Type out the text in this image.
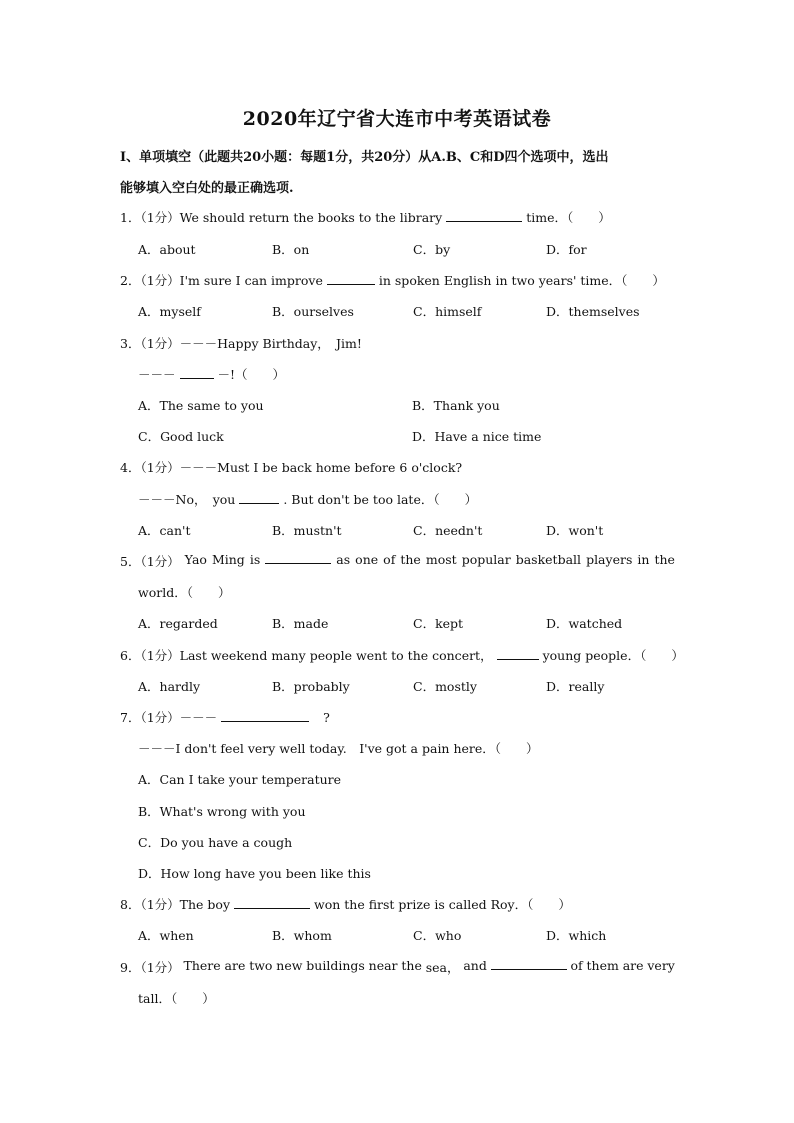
2020年辽宁省大连市中考英语试卷
Ⅰ、单项填空（此题共20小题：每题1分，共20分）从A.B、C和D四个选项中，选出
能够填入空白处的最正确选项.
1．（1分）We should return the books to the library	time．（　　）
A．about	B．on	C．by	D．for
2．（1分）I'm sure I can improve	in spoken English in two years' time．（　　）
A．myself	B．ourselves	C．himself	D．themselves
3．（1分）－－－Happy Birthday，　Jim!
－－－	－!（　　）
A．The same to you	B．Thank you
C．Good luck	D．Have a nice time
4．（1分）－－－Must I be back home before 6 o'clock?
－－－No，　you	. But don't be too late．（　　）
A．can't	B．mustn't	C．needn't	D．won't
5．（1分） Yao Ming is	as one of the most popular basketball players in the
world．（　　）
A．regarded	B．made	C．kept	D．watched
6．（1分）Last weekend many people went to the concert，	young people．（　　）
A．hardly	B．probably	C．mostly	D．really
7．（1分）－－－	?
－－－I don't feel very well today.　I've got a pain here．（　　）
A．Can I take your temperature
B．What's wrong with you
C．Do you have a cough
D．How long have you been like this
8．（1分）The boy	won the first prize is called Roy．（　　）
A．when	B．whom	C．who	D．which
9．（1分） There are two new buildings near the sea， and	of them are very
tall．（　　）
